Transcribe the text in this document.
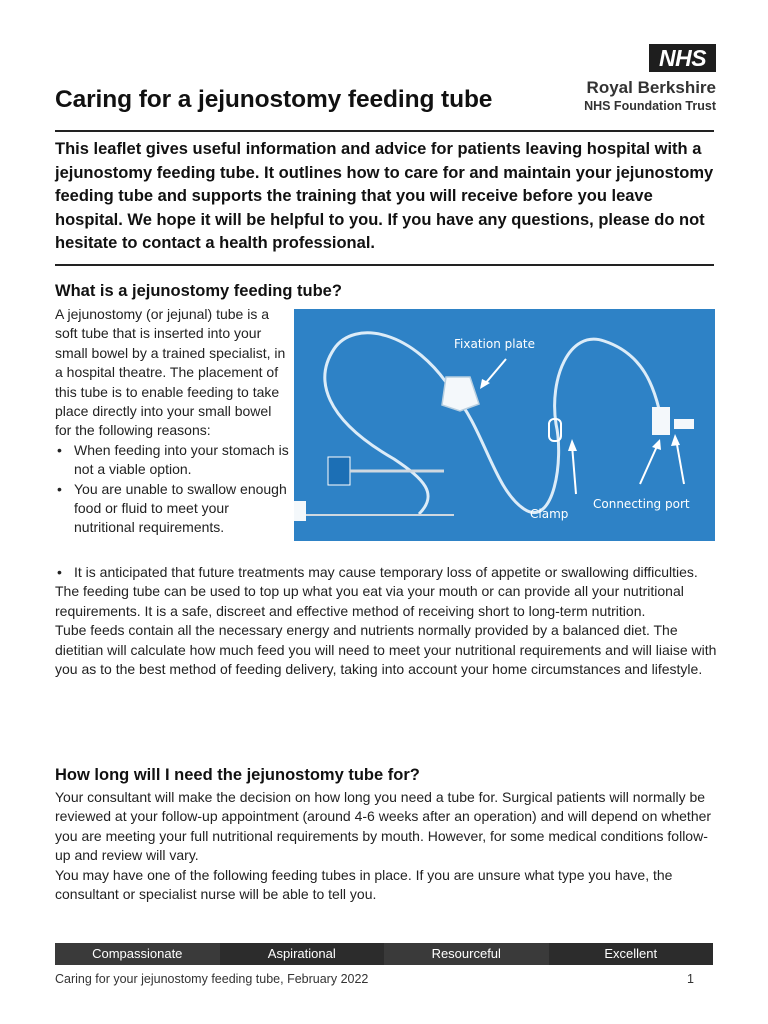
Caring for a jejunostomy feeding tube
NHS
Royal Berkshire
NHS Foundation Trust
This leaflet gives useful information and advice for patients leaving hospital with a jejunostomy feeding tube. It outlines how to care for and maintain your jejunostomy feeding tube and supports the training that you will receive before you leave hospital. We hope it will be helpful to you. If you have any questions, please do not hesitate to contact a health professional.
What is a jejunostomy feeding tube?

A jejunostomy (or jejunal) tube is a soft tube that is inserted into your small bowel by a trained specialist, in a hospital theatre. The placement of this tube is to enable feeding to take place directly into your small bowel for the following reasons:

• When feeding into your stomach is not a viable option.
• You are unable to swallow enough food or fluid to meet your nutritional requirements.
Fixation plate
Clamp
Connecting port
• It is anticipated that future treatments may cause temporary loss of appetite or swallowing difficulties.

The feeding tube can be used to top up what you eat via your mouth or can provide all your nutritional requirements. It is a safe, discreet and effective method of receiving short to long-term nutrition.

Tube feeds contain all the necessary energy and nutrients normally provided by a balanced diet. The dietitian will calculate how much feed you will need to meet your nutritional requirements and will liaise with you as to the best method of feeding delivery, taking into account your home circumstances and lifestyle.

How long will I need the jejunostomy tube for?

Your consultant will make the decision on how long you need a tube for. Surgical patients will normally be reviewed at your follow-up appointment (around 4-6 weeks after an operation) and will depend on whether you are meeting your full nutritional requirements by mouth. However, for some medical conditions follow-up and review will vary.

You may have one of the following feeding tubes in place. If you are unsure what type you have, the consultant or specialist nurse will be able to tell you.

Compassionate	Aspirational	Resourceful	Excellent
Caring for your jejunostomy feeding tube, February 2022	1
